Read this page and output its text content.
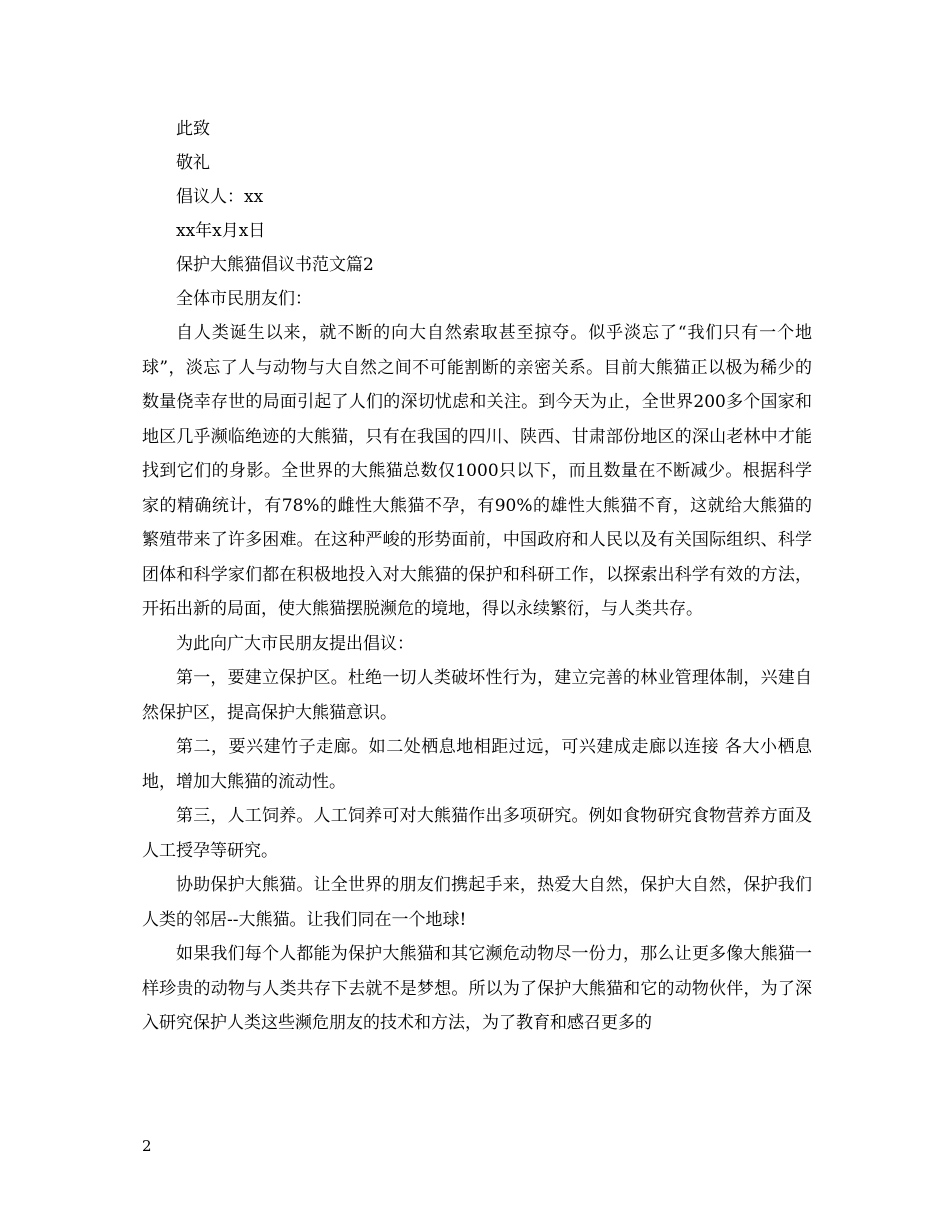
此致

敬礼

倡议人：xx

xx年x月x日

保护大熊猫倡议书范文篇2

全体市民朋友们：

自人类诞生以来，就不断的向大自然索取甚至掠夺。似乎淡忘了“我们只有一个地球”，淡忘了人与动物与大自然之间不可能割断的亲密关系。目前大熊猫正以极为稀少的数量侥幸存世的局面引起了人们的深切忧虑和关注。到今天为止，全世界200多个国家和地区几乎濒临绝迹的大熊猫，只有在我国的四川、陕西、甘肃部份地区的深山老林中才能找到它们的身影。全世界的大熊猫总数仅1000只以下，而且数量在不断减少。根据科学家的精确统计，有78%的雌性大熊猫不孕，有90%的雄性大熊猫不育，这就给大熊猫的繁殖带来了许多困难。在这种严峻的形势面前，中国政府和人民以及有关国际组织、科学团体和科学家们都在积极地投入对大熊猫的保护和科研工作，以探索出科学有效的方法，开拓出新的局面，使大熊猫摆脱濒危的境地，得以永续繁衍，与人类共存。

为此向广大市民朋友提出倡议：

第一，要建立保护区。杜绝一切人类破坏性行为，建立完善的林业管理体制，兴建自然保护区，提高保护大熊猫意识。

第二，要兴建竹子走廊。如二处栖息地相距过远，可兴建成走廊以连接 各大小栖息地，增加大熊猫的流动性。

第三，人工饲养。人工饲养可对大熊猫作出多项研究。例如食物研究食物营养方面及人工授孕等研究。

协助保护大熊猫。让全世界的朋友们携起手来，热爱大自然，保护大自然，保护我们人类的邻居--大熊猫。让我们同在一个地球!

如果我们每个人都能为保护大熊猫和其它濒危动物尽一份力，那么让更多像大熊猫一样珍贵的动物与人类共存下去就不是梦想。所以为了保护大熊猫和它的动物伙伴，为了深入研究保护人类这些濒危朋友的技术和方法，为了教育和感召更多的

2
